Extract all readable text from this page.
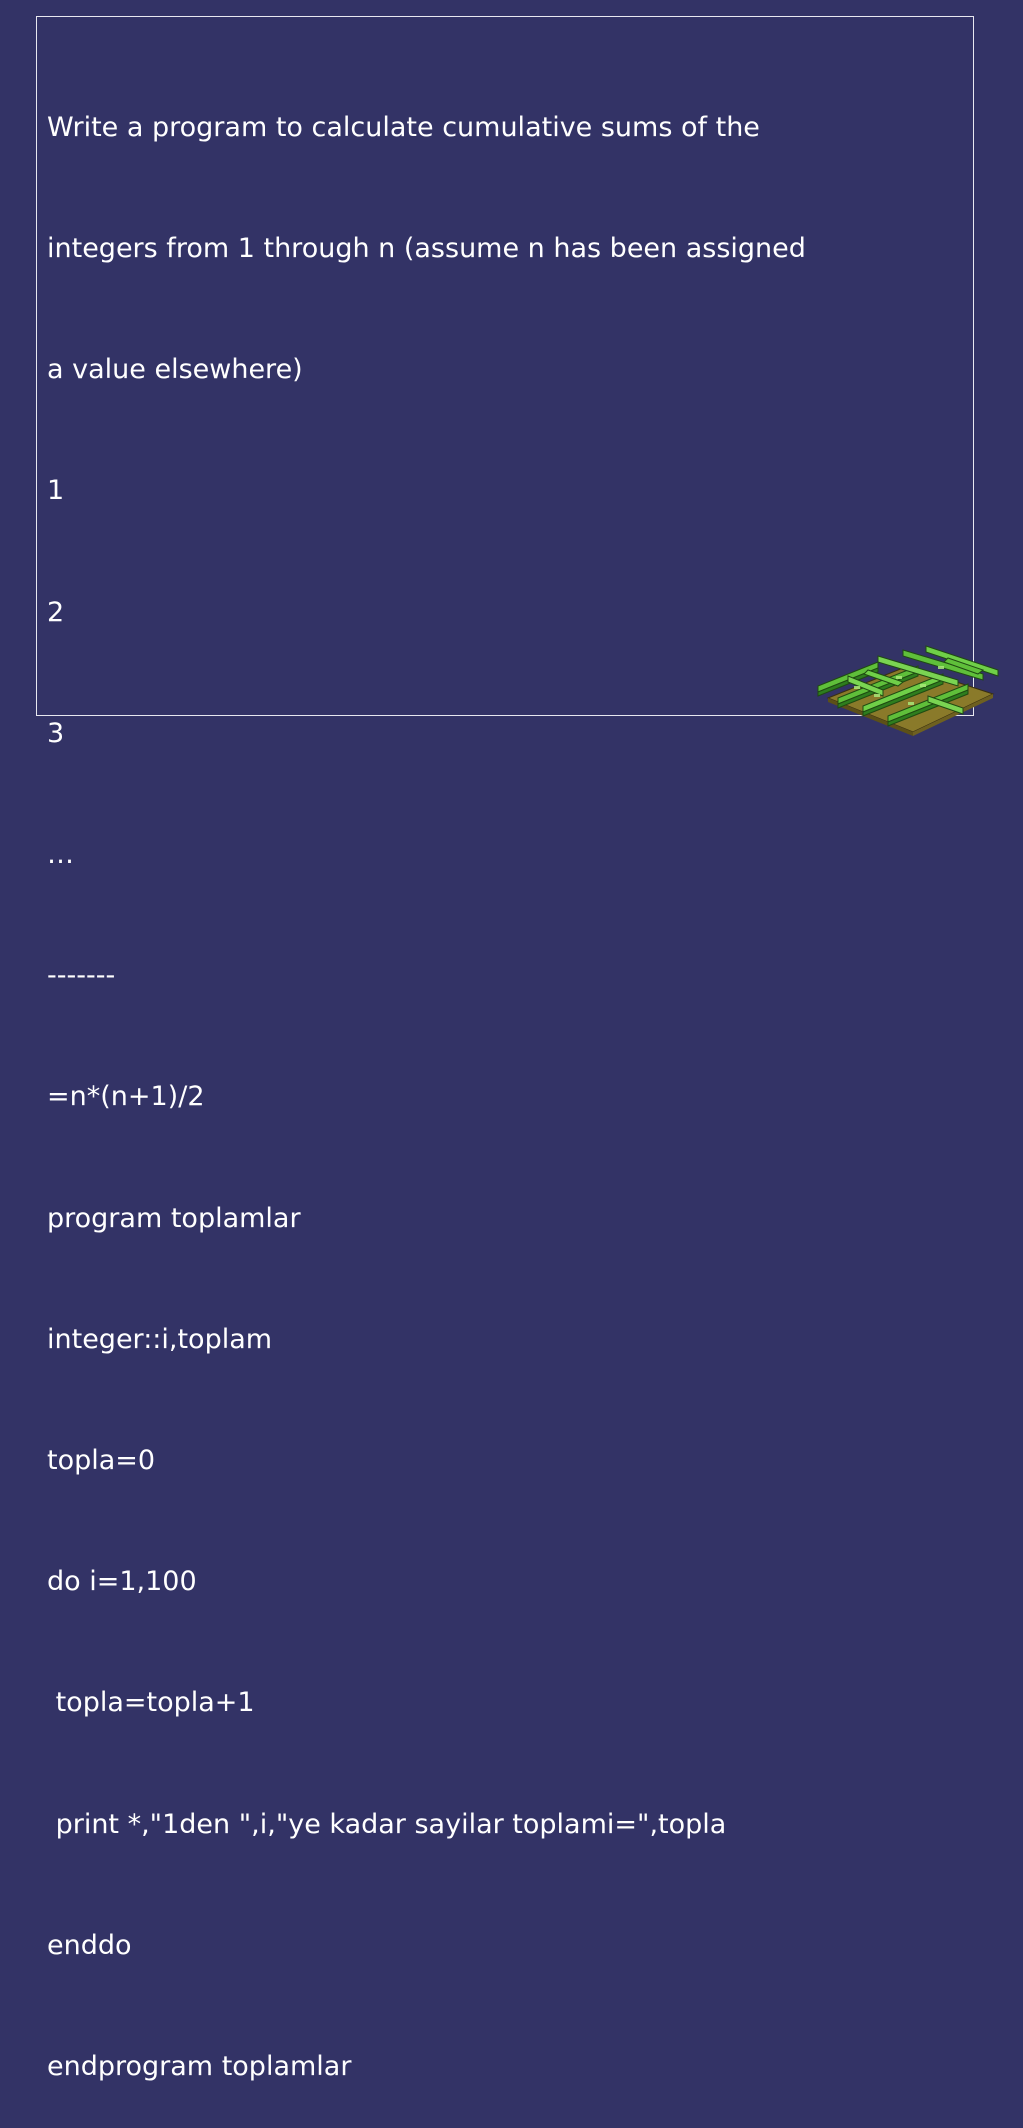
Write a program to calculate cumulative sums of the

integers from 1 through n (assume n has been assigned

a value elsewhere)

1

2

3

…

-------

=n*(n+1)/2

program toplamlar

integer::i,toplam

topla=0

do i=1,100

topla=topla+1

print *,"1den ",i,"ye kadar sayilar toplami=",topla

enddo

endprogram toplamlar
